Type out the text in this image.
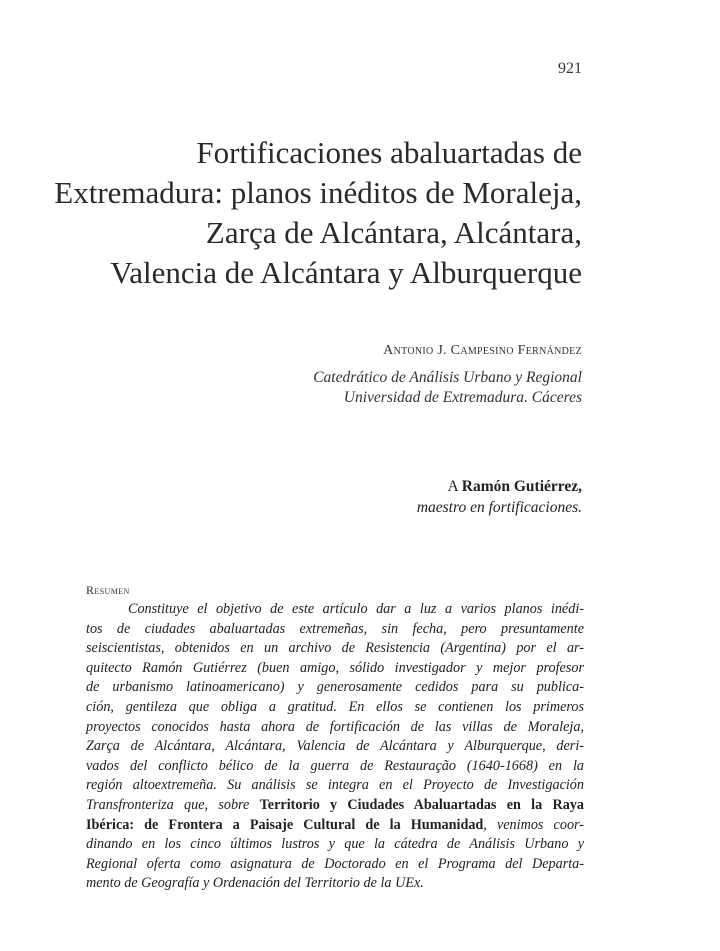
921
Fortificaciones abaluartadas de
Extremadura: planos inéditos de Moraleja,
Zarça de Alcántara, Alcántara,
Valencia de Alcántara y Alburquerque
Antonio J. Campesino Fernández
Catedrático de Análisis Urbano y Regional
Universidad de Extremadura. Cáceres
A Ramón Gutiérrez,
maestro en fortificaciones.
Resumen
Constituye el objetivo de este artículo dar a luz a varios planos inédi-
tos de ciudades abaluartadas extremeñas, sin fecha, pero presuntamente
seiscientistas, obtenidos en un archivo de Resistencia (Argentina) por el ar-
quitecto Ramón Gutiérrez (buen amigo, sólido investigador y mejor profesor
de urbanismo latinoamericano) y generosamente cedidos para su publica-
ción, gentileza que obliga a gratitud. En ellos se contienen los primeros
proyectos conocidos hasta ahora de fortificación de las villas de Moraleja,
Zarça de Alcántara, Alcántara, Valencia de Alcántara y Alburquerque, deri-
vados del conflicto bélico de la guerra de Restauração (1640-1668) en la
región altoextremeña. Su análisis se integra en el Proyecto de Investigación
Transfronteriza que, sobre Territorio y Ciudades Abaluartadas en la Raya
Ibérica: de Frontera a Paisaje Cultural de la Humanidad, venimos coor-
dinando en los cinco últimos lustros y que la cátedra de Análisis Urbano y
Regional oferta como asignatura de Doctorado en el Programa del Departa-
mento de Geografía y Ordenación del Territorio de la UEx.
